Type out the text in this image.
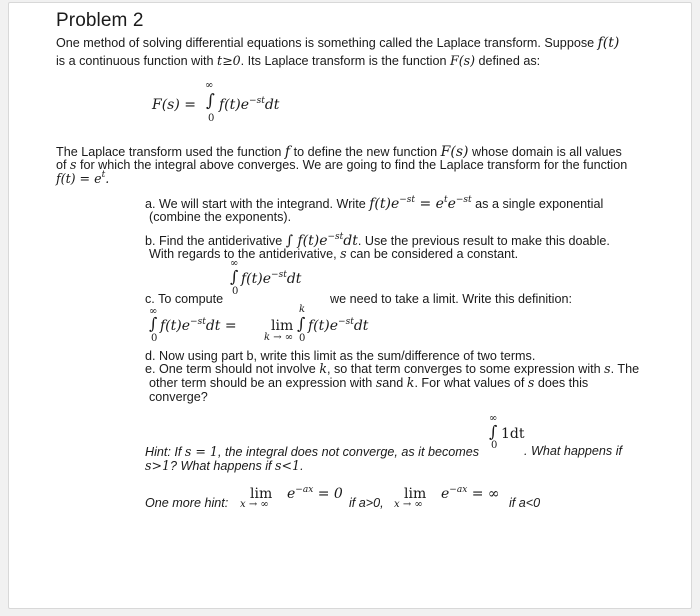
Problem 2
One method of solving differential equations is something called the Laplace transform. Suppose f(t)
is a continuous function with t≥0. Its Laplace transform is the function F(s) defined as:
F(s) =
∞
∫
0
$f(t)e^{-st}dt$
The Laplace transform used the function f to define the new function F(s) whose domain is all values
of s for which the integral above converges. We are going to find the Laplace transform for the function
$f(t) = e^t$.
a. We will start with the integrand. Write $f(t)e^{-st} = e^te^{-st}$ as a single exponential
(combine the exponents).
b. Find the antiderivative ∫ $f(t)e^{-st}dt$. Use the previous result to make this doable.
With regards to the antiderivative, s can be considered a constant.
∞
∫ $f(t)e^{-st}dt$
0
c. To compute	we need to take a limit. Write this definition:
∞
∫ $f(t)e^{-st}dt$ =
0
lim
k → ∞
k
∫ $f(t)e^{-st}dt$
0
d. Now using part b, write this limit as the sum/difference of two terms.
e. One term should not involve k, so that term converges to some expression with s. The
other term should be an expression with sand k. For what values of s does this
converge?
∞
∫ 1dt
0
Hint: If s = 1, the integral does not converge, as it becomes	. What happens if
s>1? What happens if s<1.
One more hint:
lim
x → ∞
$e^{-ax} = 0$
if a>0,
lim
x → ∞
$e^{-ax}$ = ∞
if a<0
